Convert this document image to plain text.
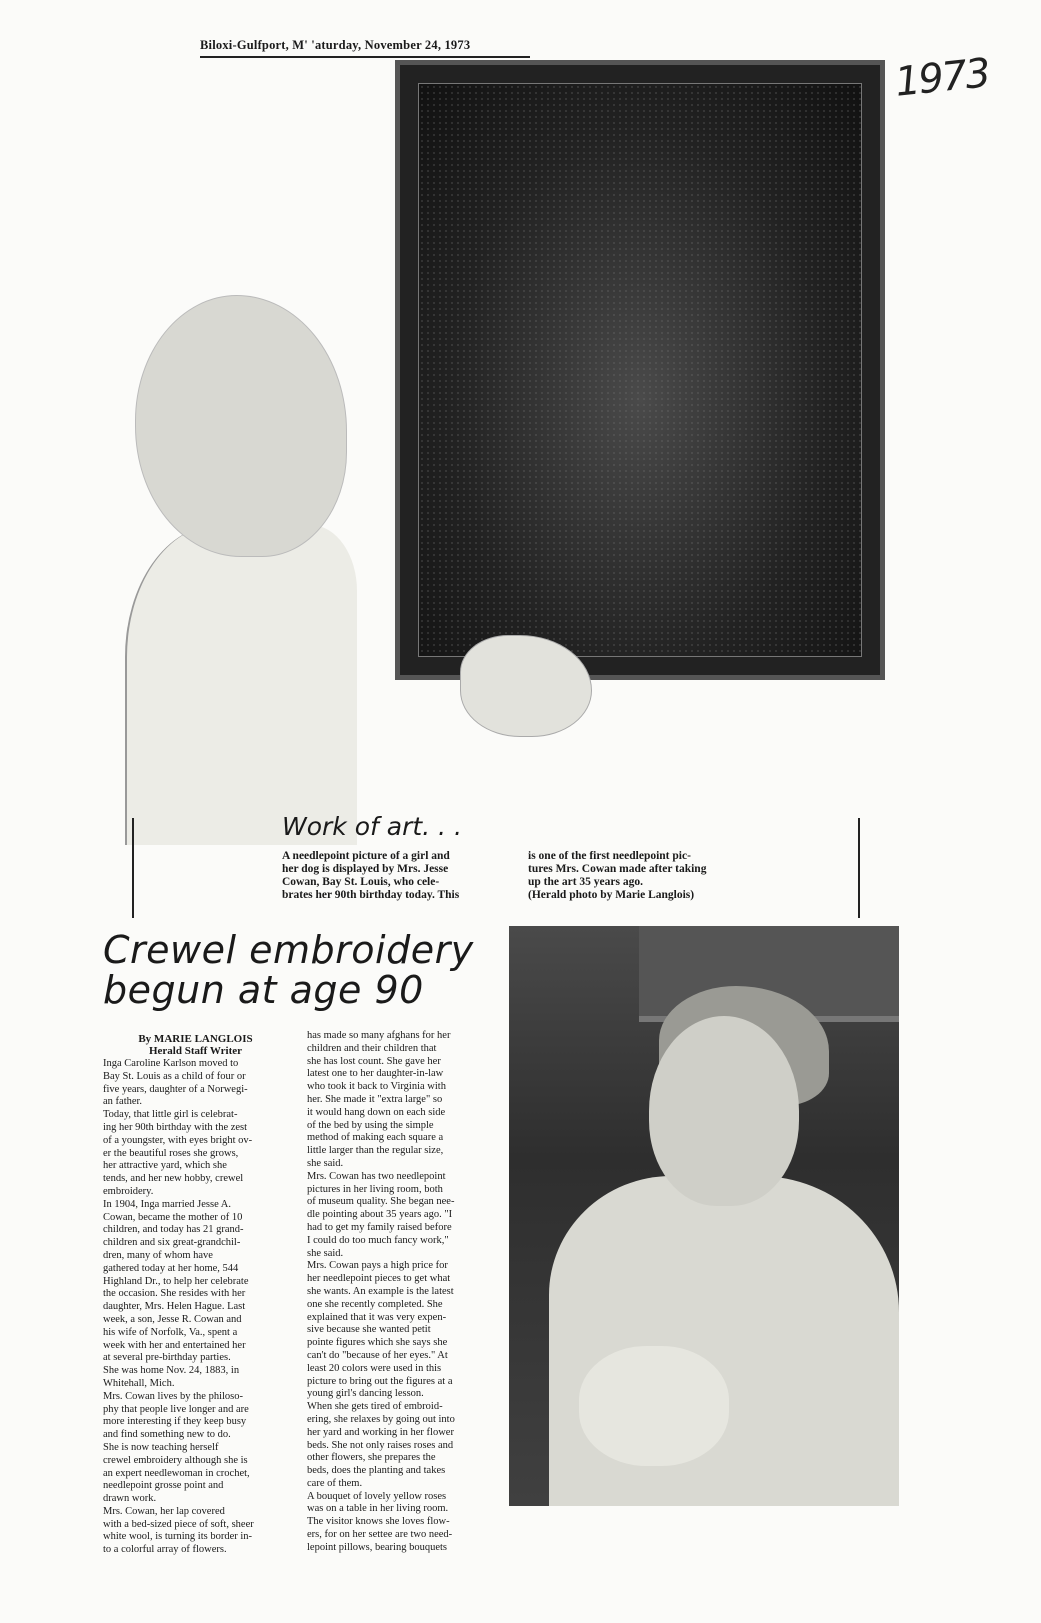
Biloxi-Gulfport, M' 'aturday, November 24, 1973
1973
Work of art. . .
A needlepoint picture of a girl and
her dog is displayed by Mrs. Jesse
Cowan, Bay St. Louis, who cele-
brates her 90th birthday today. This
is one of the first needlepoint pic-
tures Mrs. Cowan made after taking
up the art 35 years ago.
(Herald photo by Marie Langlois)
Crewel embroidery
begun at age 90
By MARIE LANGLOIS
Herald Staff Writer
Inga Caroline Karlson moved to
Bay St. Louis as a child of four or
five years, daughter of a Norwegi-
an father.
Today, that little girl is celebrat-
ing her 90th birthday with the zest
of a youngster, with eyes bright ov-
er the beautiful roses she grows,
her attractive yard, which she
tends, and her new hobby, crewel
embroidery.
In 1904, Inga married Jesse A.
Cowan, became the mother of 10
children, and today has 21 grand-
children and six great-grandchil-
dren, many of whom have
gathered today at her home, 544
Highland Dr., to help her celebrate
the occasion. She resides with her
daughter, Mrs. Helen Hague. Last
week, a son, Jesse R. Cowan and
his wife of Norfolk, Va., spent a
week with her and entertained her
at several pre-birthday parties.
She was home Nov. 24, 1883, in
Whitehall, Mich.
Mrs. Cowan lives by the philoso-
phy that people live longer and are
more interesting if they keep busy
and find something new to do.
She is now teaching herself
crewel embroidery although she is
an expert needlewoman in crochet,
needlepoint grosse point and
drawn work.
Mrs. Cowan, her lap covered
with a bed-sized piece of soft, sheer
white wool, is turning its border in-
to a colorful array of flowers.
has made so many afghans for her
children and their children that
she has lost count. She gave her
latest one to her daughter-in-law
who took it back to Virginia with
her. She made it "extra large" so
it would hang down on each side
of the bed by using the simple
method of making each square a
little larger than the regular size,
she said.
Mrs. Cowan has two needlepoint
pictures in her living room, both
of museum quality. She began nee-
dle pointing about 35 years ago. "I
had to get my family raised before
I could do too much fancy work,"
she said.
Mrs. Cowan pays a high price for
her needlepoint pieces to get what
she wants. An example is the latest
one she recently completed. She
explained that it was very expen-
sive because she wanted petit
pointe figures which she says she
can't do "because of her eyes." At
least 20 colors were used in this
picture to bring out the figures at a
young girl's dancing lesson.
When she gets tired of embroid-
ering, she relaxes by going out into
her yard and working in her flower
beds. She not only raises roses and
other flowers, she prepares the
beds, does the planting and takes
care of them.
A bouquet of lovely yellow roses
was on a table in her living room.
The visitor knows she loves flow-
ers, for on her settee are two need-
lepoint pillows, bearing bouquets
